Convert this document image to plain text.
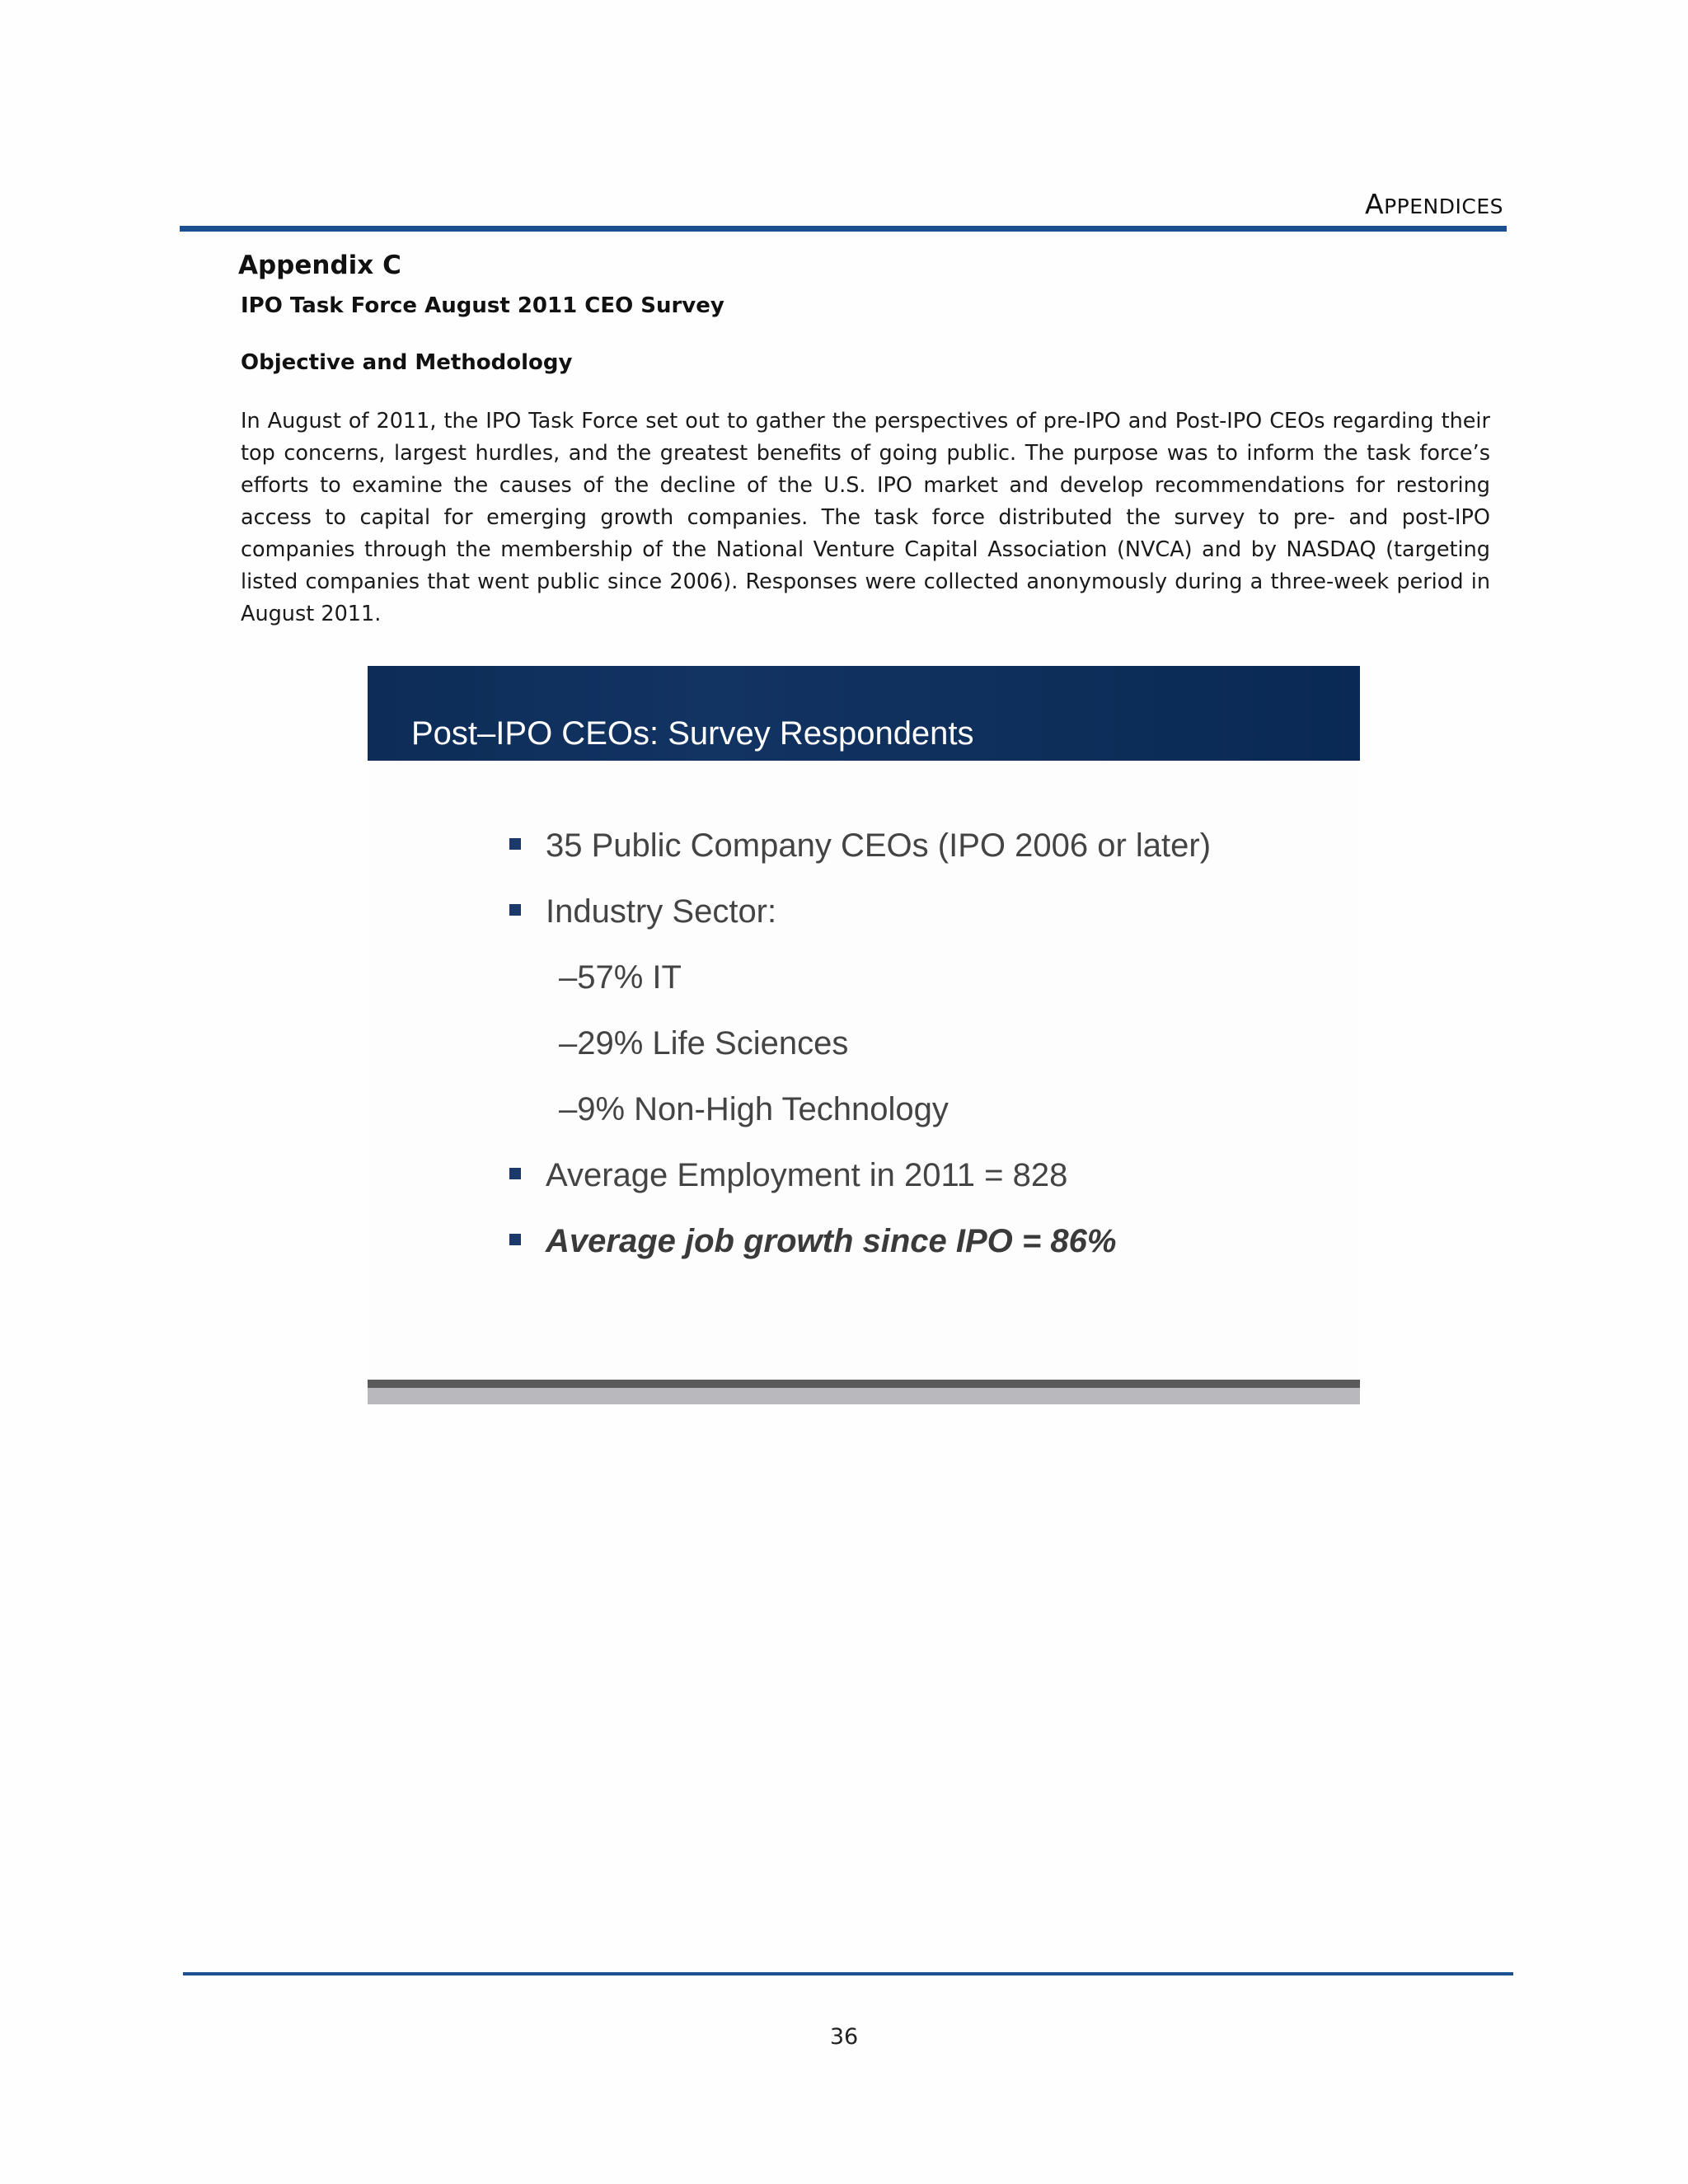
APPENDICES
Appendix C
IPO Task Force August 2011 CEO Survey
Objective and Methodology

In August of 2011, the IPO Task Force set out to gather the perspectives of pre-IPO and Post-IPO CEOs regarding their top concerns, largest hurdles, and the greatest benefits of going public. The purpose was to inform the task force’s efforts to examine the causes of the decline of the U.S. IPO market and develop recommendations for restoring access to capital for emerging growth companies. The task force distributed the survey to pre- and post-IPO companies through the membership of the National Venture Capital Association (NVCA) and by NASDAQ (targeting listed companies that went public since 2006). Responses were collected anonymously during a three-week period in August 2011.

Post–IPO CEOs: Survey Respondents
35 Public Company CEOs (IPO 2006 or later)
Industry Sector:
–57% IT
–29% Life Sciences
–9% Non-High Technology
Average Employment in 2011 = 828
Average job growth since IPO = 86%
36
